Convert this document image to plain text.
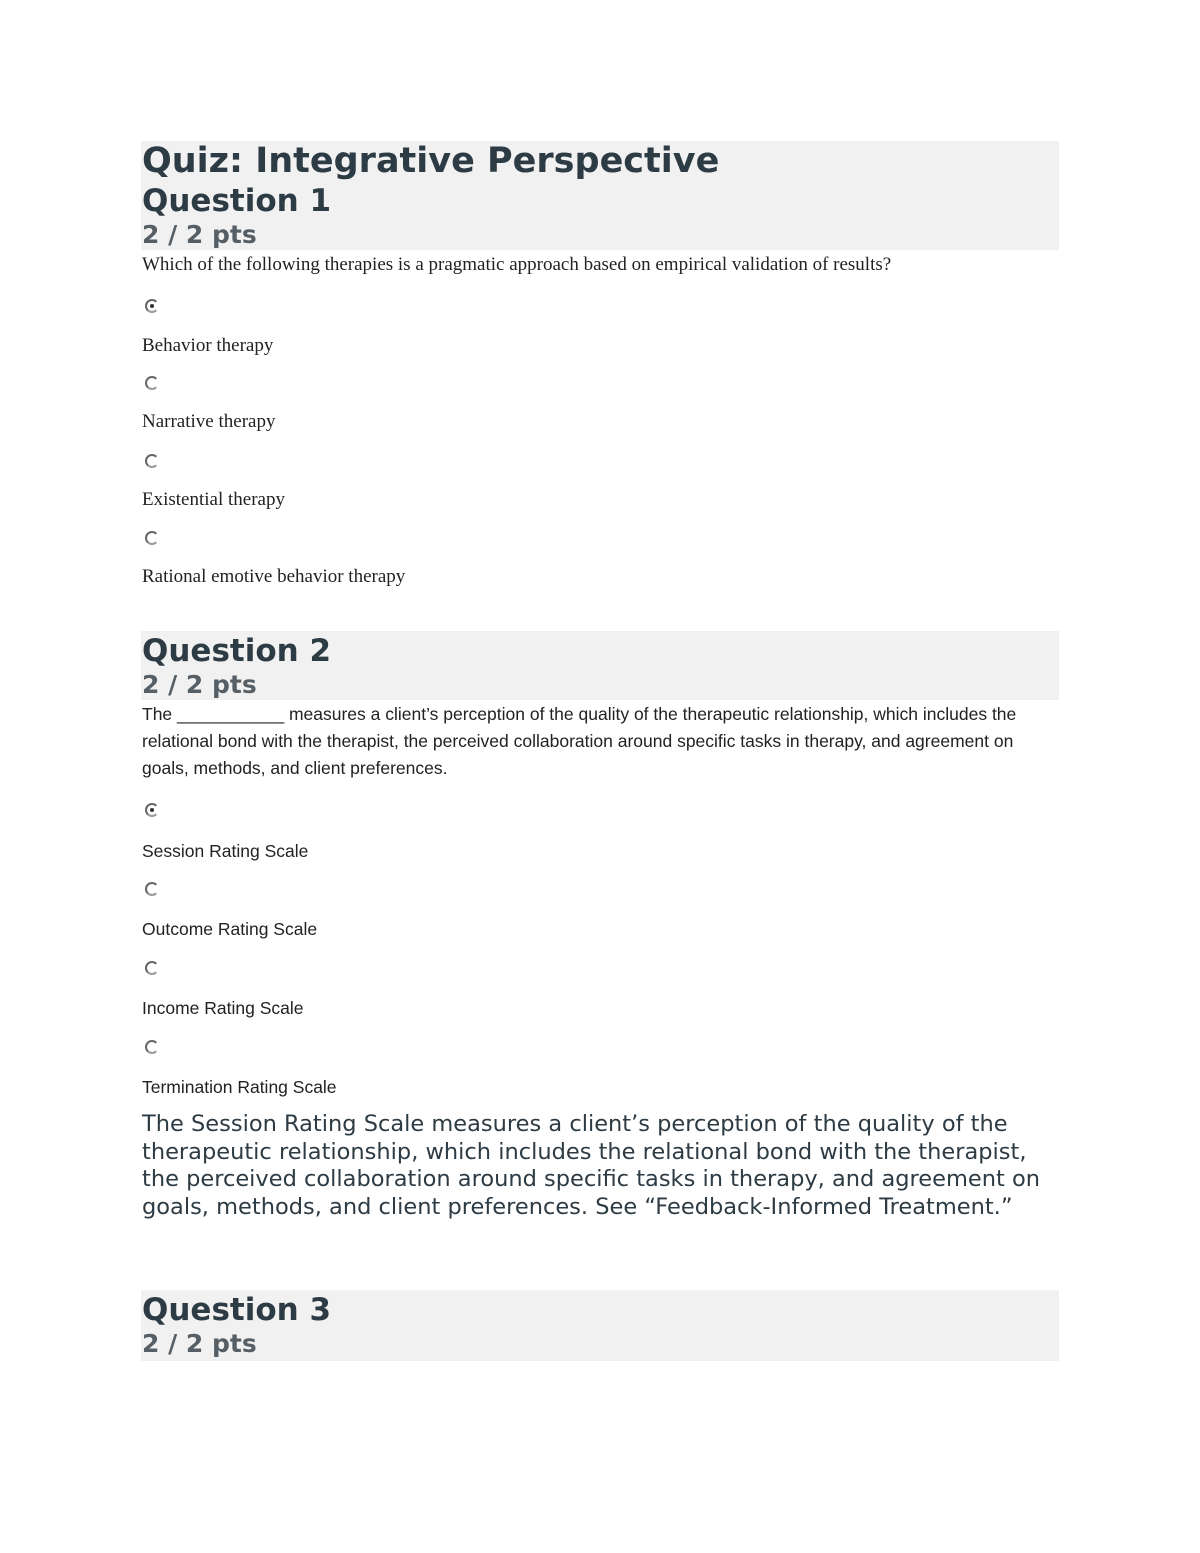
Quiz: Integrative Perspective
Question 1
2 / 2 pts
Which of the following therapies is a pragmatic approach based on empirical validation of results?
Behavior therapy
Narrative therapy
Existential therapy
Rational emotive behavior therapy
Question 2
2 / 2 pts
The ___________ measures a client’s perception of the quality of the therapeutic relationship, which includes the relational bond with the therapist, the perceived collaboration around specific tasks in therapy, and agreement on goals, methods, and client preferences.
Session Rating Scale
Outcome Rating Scale
Income Rating Scale
Termination Rating Scale
The Session Rating Scale measures a client’s perception of the quality of the therapeutic relationship, which includes the relational bond with the therapist, the perceived collaboration around specific tasks in therapy, and agreement on goals, methods, and client preferences. See “Feedback-Informed Treatment.”
Question 3
2 / 2 pts
